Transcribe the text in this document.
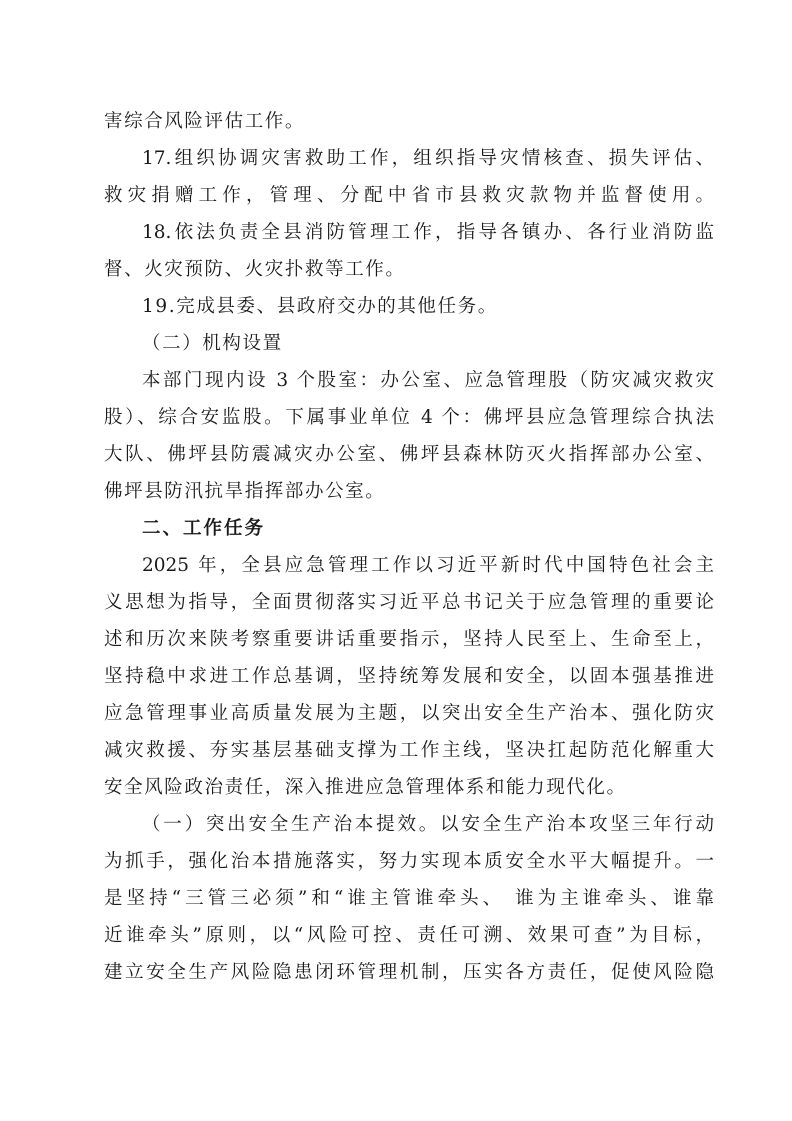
害综合风险评估工作。
17.组织协调灾害救助工作，组织指导灾情核查、损失评估、
救灾捐赠工作，管理、分配中省市县救灾款物并监督使用。
18.依法负责全县消防管理工作，指导各镇办、各行业消防监
督、火灾预防、火灾扑救等工作。
19.完成县委、县政府交办的其他任务。
（二）机构设置
本部门现内设 3 个股室：办公室、应急管理股（防灾减灾救灾
股）、综合安监股。下属事业单位 4 个：佛坪县应急管理综合执法
大队、佛坪县防震减灾办公室、佛坪县森林防灭火指挥部办公室、
佛坪县防汛抗旱指挥部办公室。
二、工作任务
2025 年，全县应急管理工作以习近平新时代中国特色社会主
义思想为指导，全面贯彻落实习近平总书记关于应急管理的重要论
述和历次来陕考察重要讲话重要指示，坚持人民至上、生命至上，
坚持稳中求进工作总基调，坚持统筹发展和安全，以固本强基推进
应急管理事业高质量发展为主题，以突出安全生产治本、强化防灾
减灾救援、夯实基层基础支撑为工作主线，坚决扛起防范化解重大
安全风险政治责任，深入推进应急管理体系和能力现代化。
（一）突出安全生产治本提效。以安全生产治本攻坚三年行动
为抓手，强化治本措施落实，努力实现本质安全水平大幅提升。一
是坚持“三管三必须”和“谁主管谁牵头、 谁为主谁牵头、谁靠
近谁牵头”原则，以“风险可控、责任可溯、效果可查”为目标，
建立安全生产风险隐患闭环管理机制，压实各方责任，促使风险隐
